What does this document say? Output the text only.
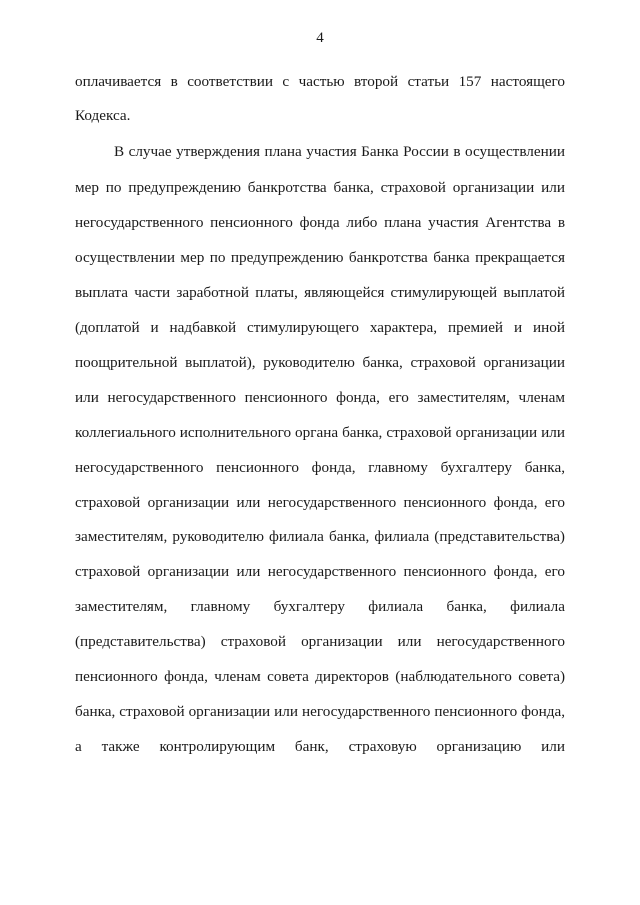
4
оплачивается в соответствии с частью второй статьи 157 настоящего
Кодекса.
В случае утверждения плана участия Банка России в осуществлении
мер по предупреждению банкротства банка, страховой организации или
негосударственного пенсионного фонда либо плана участия Агентства в
осуществлении мер по предупреждению банкротства банка прекращается
выплата части заработной платы, являющейся стимулирующей выплатой
(доплатой и надбавкой стимулирующего характера, премией и иной
поощрительной выплатой), руководителю банка, страховой организации
или негосударственного пенсионного фонда, его заместителям, членам
коллегиального исполнительного органа банка, страховой организации или
негосударственного пенсионного фонда, главному бухгалтеру банка,
страховой организации или негосударственного пенсионного фонда, его
заместителям, руководителю филиала банка, филиала (представительства)
страховой организации или негосударственного пенсионного фонда, его
заместителям, главному бухгалтеру филиала банка, филиала
(представительства) страховой организации или негосударственного
пенсионного фонда, членам совета директоров (наблюдательного совета)
банка, страховой организации или негосударственного пенсионного фонда,
а также контролирующим банк, страховую организацию или
